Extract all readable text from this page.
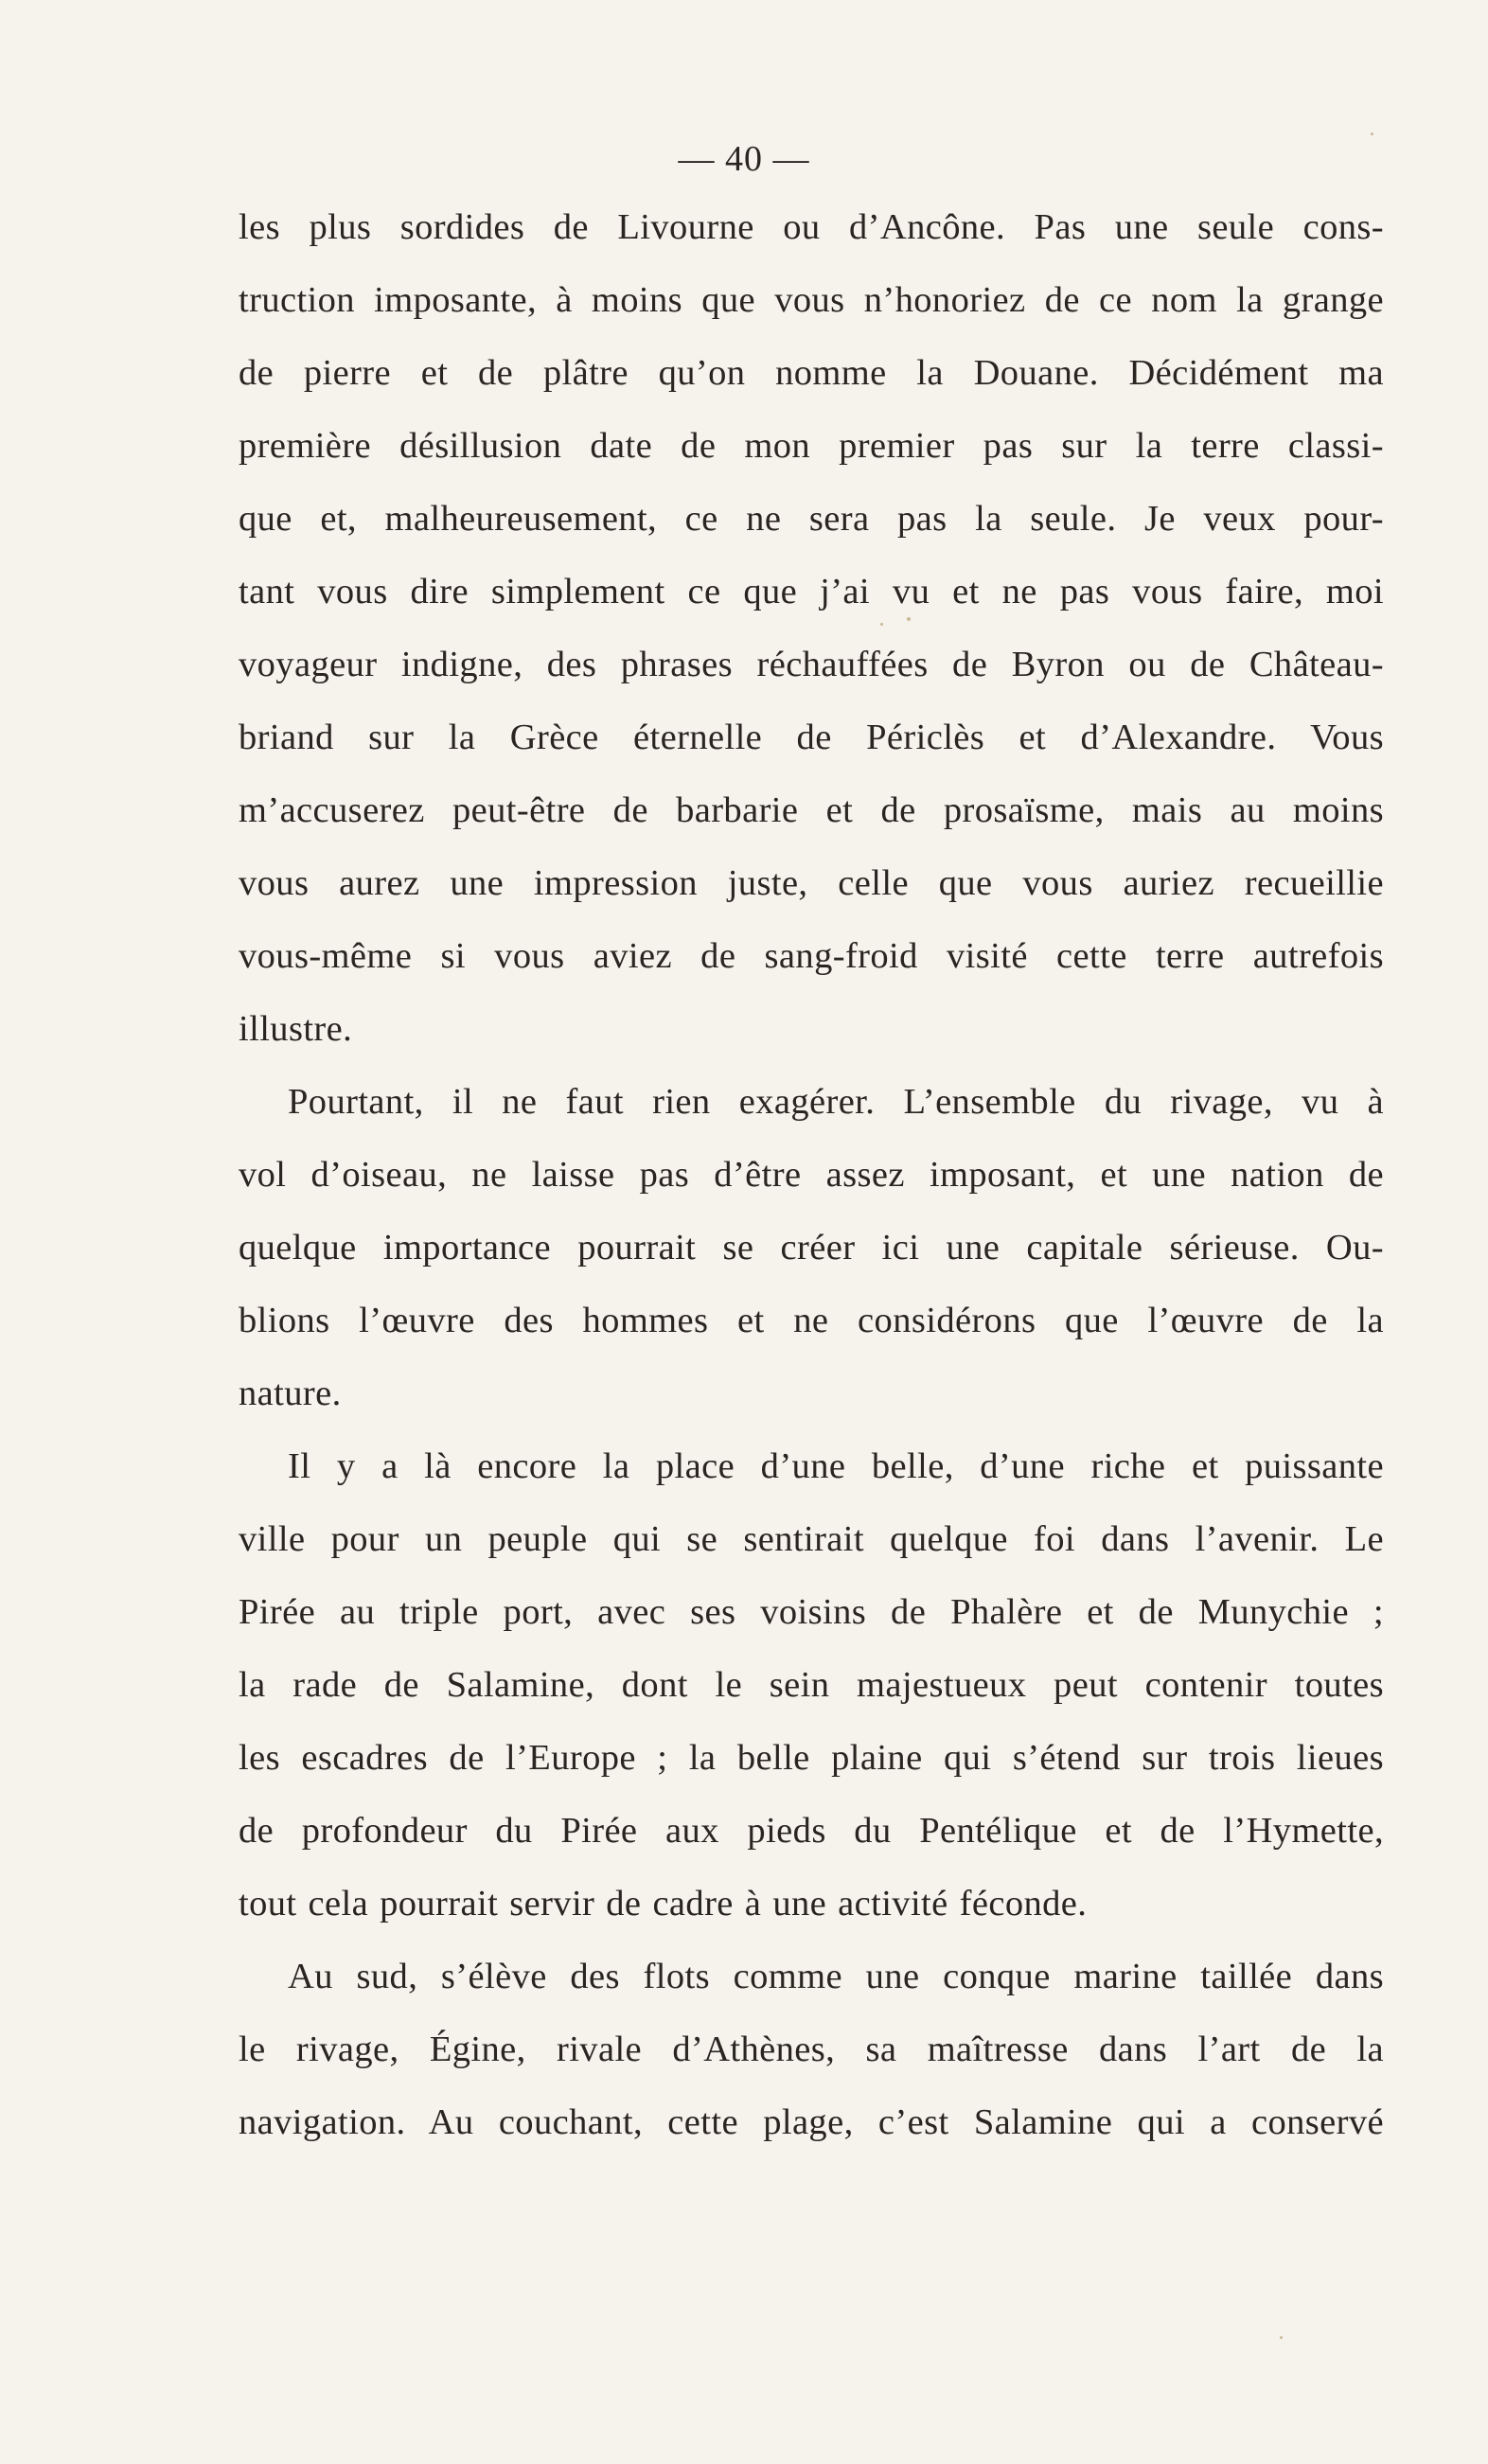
— 40 —
les plus sordides de Livourne ou d’Ancône. Pas une seule cons-
truction imposante, à moins que vous n’honoriez de ce nom la grange
de pierre et de plâtre qu’on nomme la Douane. Décidément ma
première désillusion date de mon premier pas sur la terre classi-
que et, malheureusement, ce ne sera pas la seule. Je veux pour-
tant vous dire simplement ce que j’ai vu et ne pas vous faire, moi
voyageur indigne, des phrases réchauffées de Byron ou de Château-
briand sur la Grèce éternelle de Périclès et d’Alexandre. Vous
m’accuserez peut-être de barbarie et de prosaïsme, mais au moins
vous aurez une impression juste, celle que vous auriez recueillie
vous-même si vous aviez de sang-froid visité cette terre autrefois
illustre.
Pourtant, il ne faut rien exagérer. L’ensemble du rivage, vu à
vol d’oiseau, ne laisse pas d’être assez imposant, et une nation de
quelque importance pourrait se créer ici une capitale sérieuse. Ou-
blions l’œuvre des hommes et ne considérons que l’œuvre de la
nature.
Il y a là encore la place d’une belle, d’une riche et puissante
ville pour un peuple qui se sentirait quelque foi dans l’avenir. Le
Pirée au triple port, avec ses voisins de Phalère et de Munychie ;
la rade de Salamine, dont le sein majestueux peut contenir toutes
les escadres de l’Europe ; la belle plaine qui s’étend sur trois lieues
de profondeur du Pirée aux pieds du Pentélique et de l’Hymette,
tout cela pourrait servir de cadre à une activité féconde.
Au sud, s’élève des flots comme une conque marine taillée dans
le rivage, Égine, rivale d’Athènes, sa maîtresse dans l’art de la
navigation. Au couchant, cette plage, c’est Salamine qui a conservé
